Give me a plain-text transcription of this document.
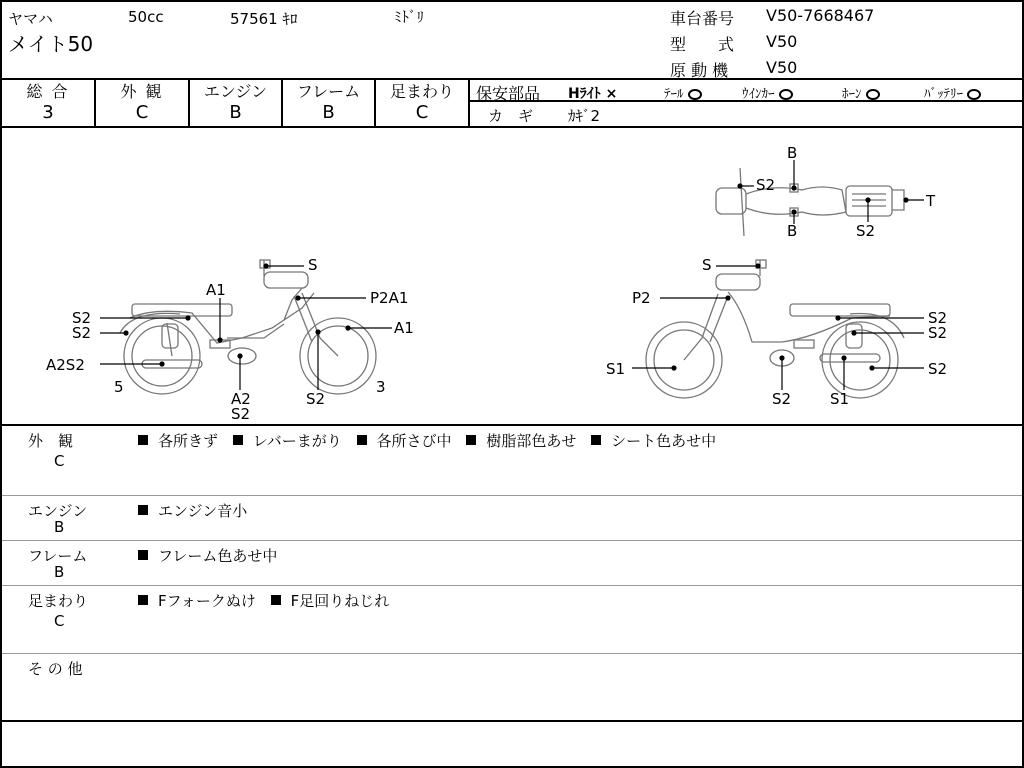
ヤマハ
メイト50
50cc	57561 ｷﾛ	ﾐﾄﾞﾘ	車台番号 V50-7668467
型　　式 V50
原 動 機 V50
総 合
3
外 観
C
エンジン
B
フレーム
B
足まわり
C
保安部品 Hﾗｲﾄ ×	ﾃｰﾙ	ｳｲﾝｶｰ	ﾎｰﾝ	ﾊﾞｯﾃﾘｰ
カ　ギ ｶｷﾞ2
B
S2
T
B	S2
S
A1	P2A1
S2
S2	A1
A2S2
5
A2
S2
S2
3
S
P2
S2
S2
S1	S2
S2	S1
外　観
C
各所きず レバーまがり 各所さび中 樹脂部色あせ シート色あせ中
エンジン
B
エンジン音小
フレーム
B
フレーム色あせ中
足まわり
C
Fフォークぬけ F足回りねじれ
そ の 他
